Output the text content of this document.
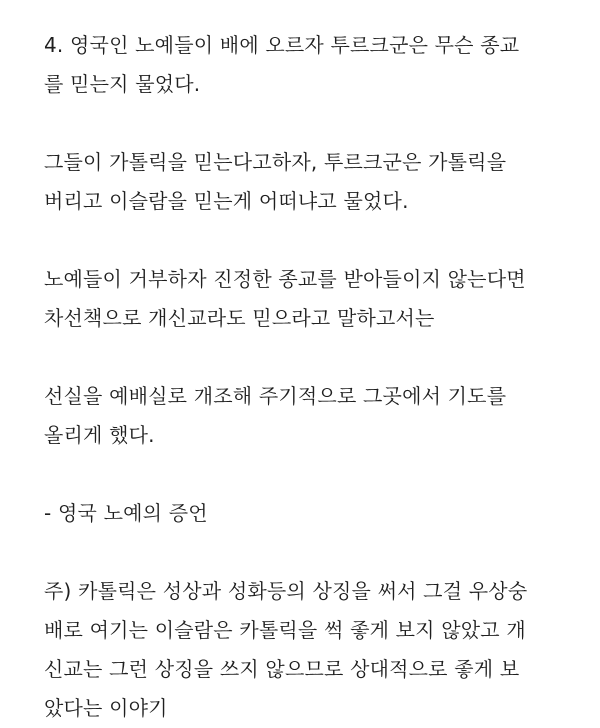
4. 영국인 노예들이 배에 오르자 투르크군은 무슨 종교
를 믿는지 물었다.

그들이 가톨릭을 믿는다고하자, 투르크군은 가톨릭을
버리고 이슬람을 믿는게 어떠냐고 물었다.

노예들이 거부하자 진정한 종교를 받아들이지 않는다면
차선책으로 개신교라도 믿으라고 말하고서는

선실을 예배실로 개조해 주기적으로 그곳에서 기도를
올리게 했다.

- 영국 노예의 증언

주) 카톨릭은 성상과 성화등의 상징을 써서 그걸 우상숭
배로 여기는 이슬람은 카톨릭을 썩 좋게 보지 않았고 개
신교는 그런 상징을 쓰지 않으므로 상대적으로 좋게 보
았다는 이야기
